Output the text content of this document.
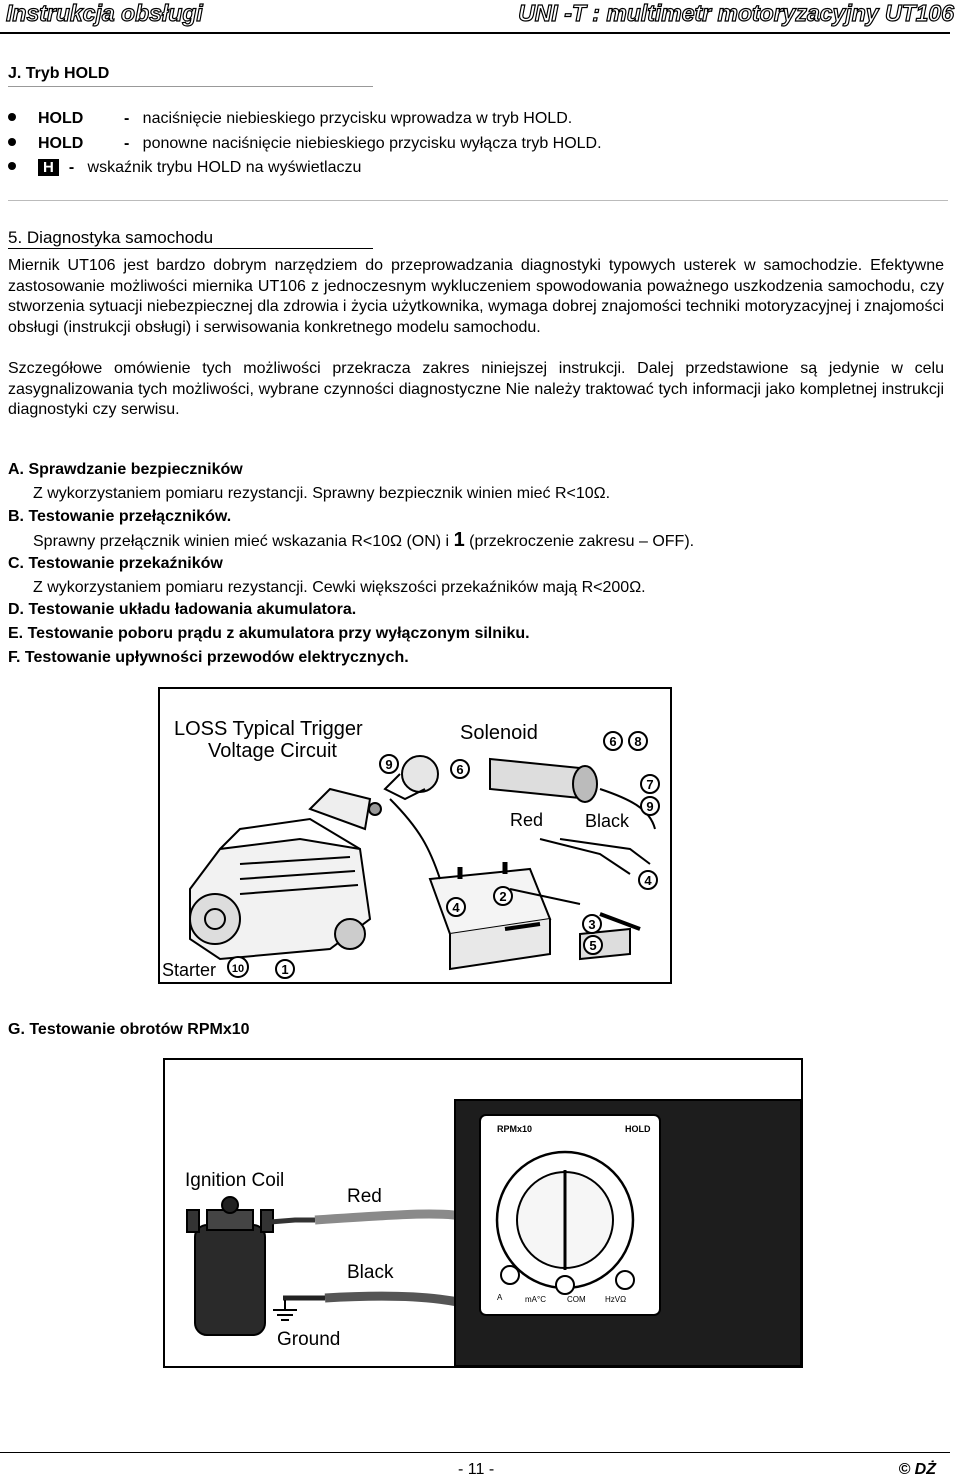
Instrukcja obsługi	UNI -T : multimetr motoryzacyjny UT106
J. Tryb HOLD
HOLD	- naciśnięcie niebieskiego przycisku wprowadza w tryb HOLD.
HOLD	- ponowne naciśnięcie niebieskiego przycisku wyłącza tryb HOLD.
H - wskaźnik trybu HOLD na wyświetlaczu
5. Diagnostyka samochodu
Miernik UT106 jest bardzo dobrym narzędziem do przeprowadzania diagnostyki typowych usterek w samochodzie. Efektywne zastosowanie możliwości miernika UT106 z jednoczesnym wykluczeniem spowodowania poważnego uszkodzenia samochodu, czy stworzenia sytuacji niebezpiecznej dla zdrowia i życia użytkownika, wymaga dobrej znajomości techniki motoryzacyjnej i znajomości obsługi (instrukcji obsługi) i serwisowania konkretnego modelu samochodu.
Szczegółowe omówienie tych możliwości przekracza zakres niniejszej instrukcji. Dalej przedstawione są jedynie w celu zasygnalizowania tych możliwości, wybrane czynności diagnostyczne Nie należy traktować tych informacji jako kompletnej instrukcji diagnostyki czy serwisu.
A. Sprawdzanie bezpieczników
Z wykorzystaniem pomiaru rezystancji. Sprawny bezpiecznik winien mieć R<10Ω.
B. Testowanie przełączników.
Sprawny przełącznik winien mieć wskazania R<10Ω (ON) i 1 (przekroczenie zakresu – OFF).
C. Testowanie przekaźników
Z wykorzystaniem pomiaru rezystancji. Cewki większości przekaźników mają R<200Ω.
D. Testowanie układu ładowania akumulatora.
E. Testowanie poboru prądu z akumulatora przy wyłączonym silniku.
F. Testowanie upływności przewodów elektrycznych.
LOSS Typical Trigger
Voltage Circuit
Solenoid
Red Black
Starter	1
2
3
4
4
5
6
6
7
8
9
9
10
G. Testowanie obrotów RPMx10
Ignition Coil
Red
Black
Ground
RPMx10	HOLD
A	mA°C	COM HzVΩ
- 11 -	© DŻ
